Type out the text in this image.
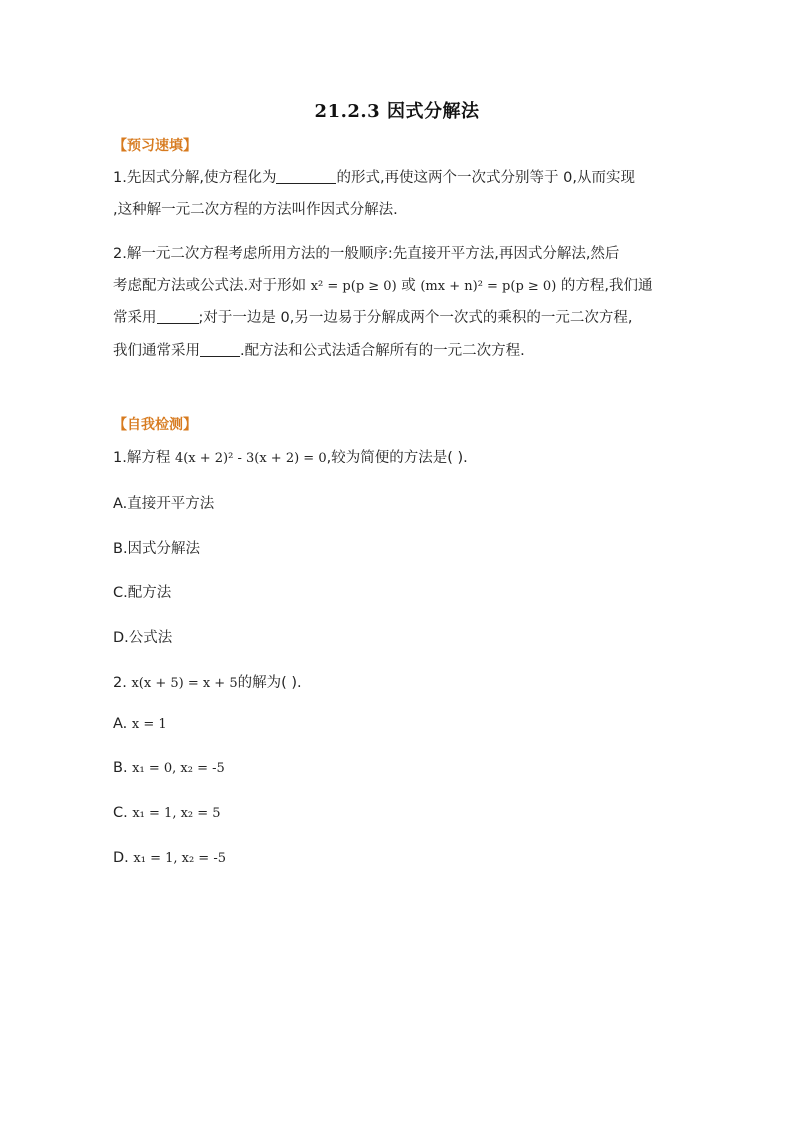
21.2.3 因式分解法
【预习速填】
1.先因式分解,使方程化为	的形式,再使这两个一次式分别等于 0,从而实现
,这种解一元二次方程的方法叫作因式分解法.
2.解一元二次方程考虑所用方法的一般顺序:先直接开平方法,再因式分解法,然后
考虑配方法或公式法.对于形如 x² = p(p ≥ 0) 或 (mx + n)² = p(p ≥ 0) 的方程,我们通
常采用	;对于一边是 0,另一边易于分解成两个一次式的乘积的一元二次方程,
我们通常采用	.配方法和公式法适合解所有的一元二次方程.
【自我检测】
1.解方程 4(x + 2)² - 3(x + 2) = 0,较为简便的方法是( ).
A.直接开平方法
B.因式分解法
C.配方法
D.公式法
2. x(x + 5) = x + 5的解为( ).
A. x = 1
B. x₁ = 0, x₂ = -5
C. x₁ = 1, x₂ = 5
D. x₁ = 1, x₂ = -5
